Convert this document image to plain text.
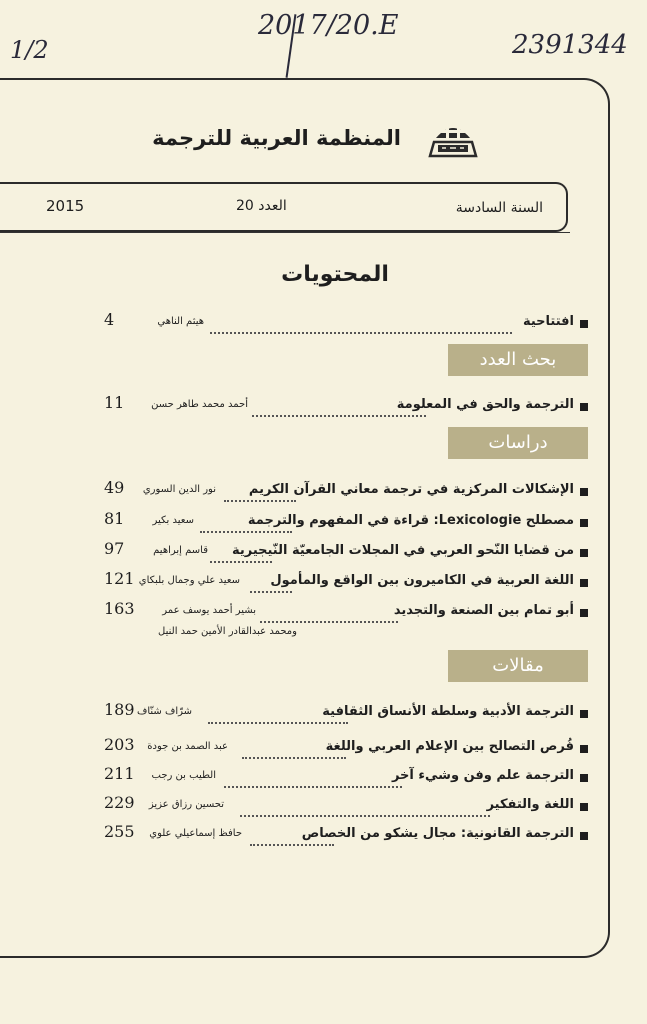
1/2
2017/20.E
2391344
المنظمة العربية للترجمة
2015	العدد 20	السنة السادسة
المحتويات
افتتاحية
هيثم الناهي
4
بحث العدد
الترجمة والحق في المعلومة
أحمد محمد طاهر حسن
11
دراسات
الإشكالات المركزية في ترجمة معاني القرآن الكريم
نور الدين السوري
49
مصطلح Lexicologie: قراءة في المفهوم والترجمة
سعيد بكير
81
من قضايا النّحو العربي في المجلات الجامعيّة النّيجيرية
قاسم إبراهيم
97
اللغة العربية في الكاميرون بين الواقع والمأمول
سعيد علي وجمال بلبكاي
121
أبو تمام بين الصنعة والتجديد
بشير أحمد يوسف عمر
163
ومحمد عبدالقادر الأمين حمد النيل
مقالات
الترجمة الأدبية وسلطة الأنساق الثقافية
شرّاف شنّاف
189
فُرص التصالح بين الإعلام العربي واللغة
عبد الصمد بن جودة
203
الترجمة علم وفن وشيء آخر
الطيب بن رجب
211
اللغة والتفكير
تحسين رزاق عزيز
229
الترجمة القانونية: مجال يشكو من الخصاص
حافظ إسماعيلي علوي
255
